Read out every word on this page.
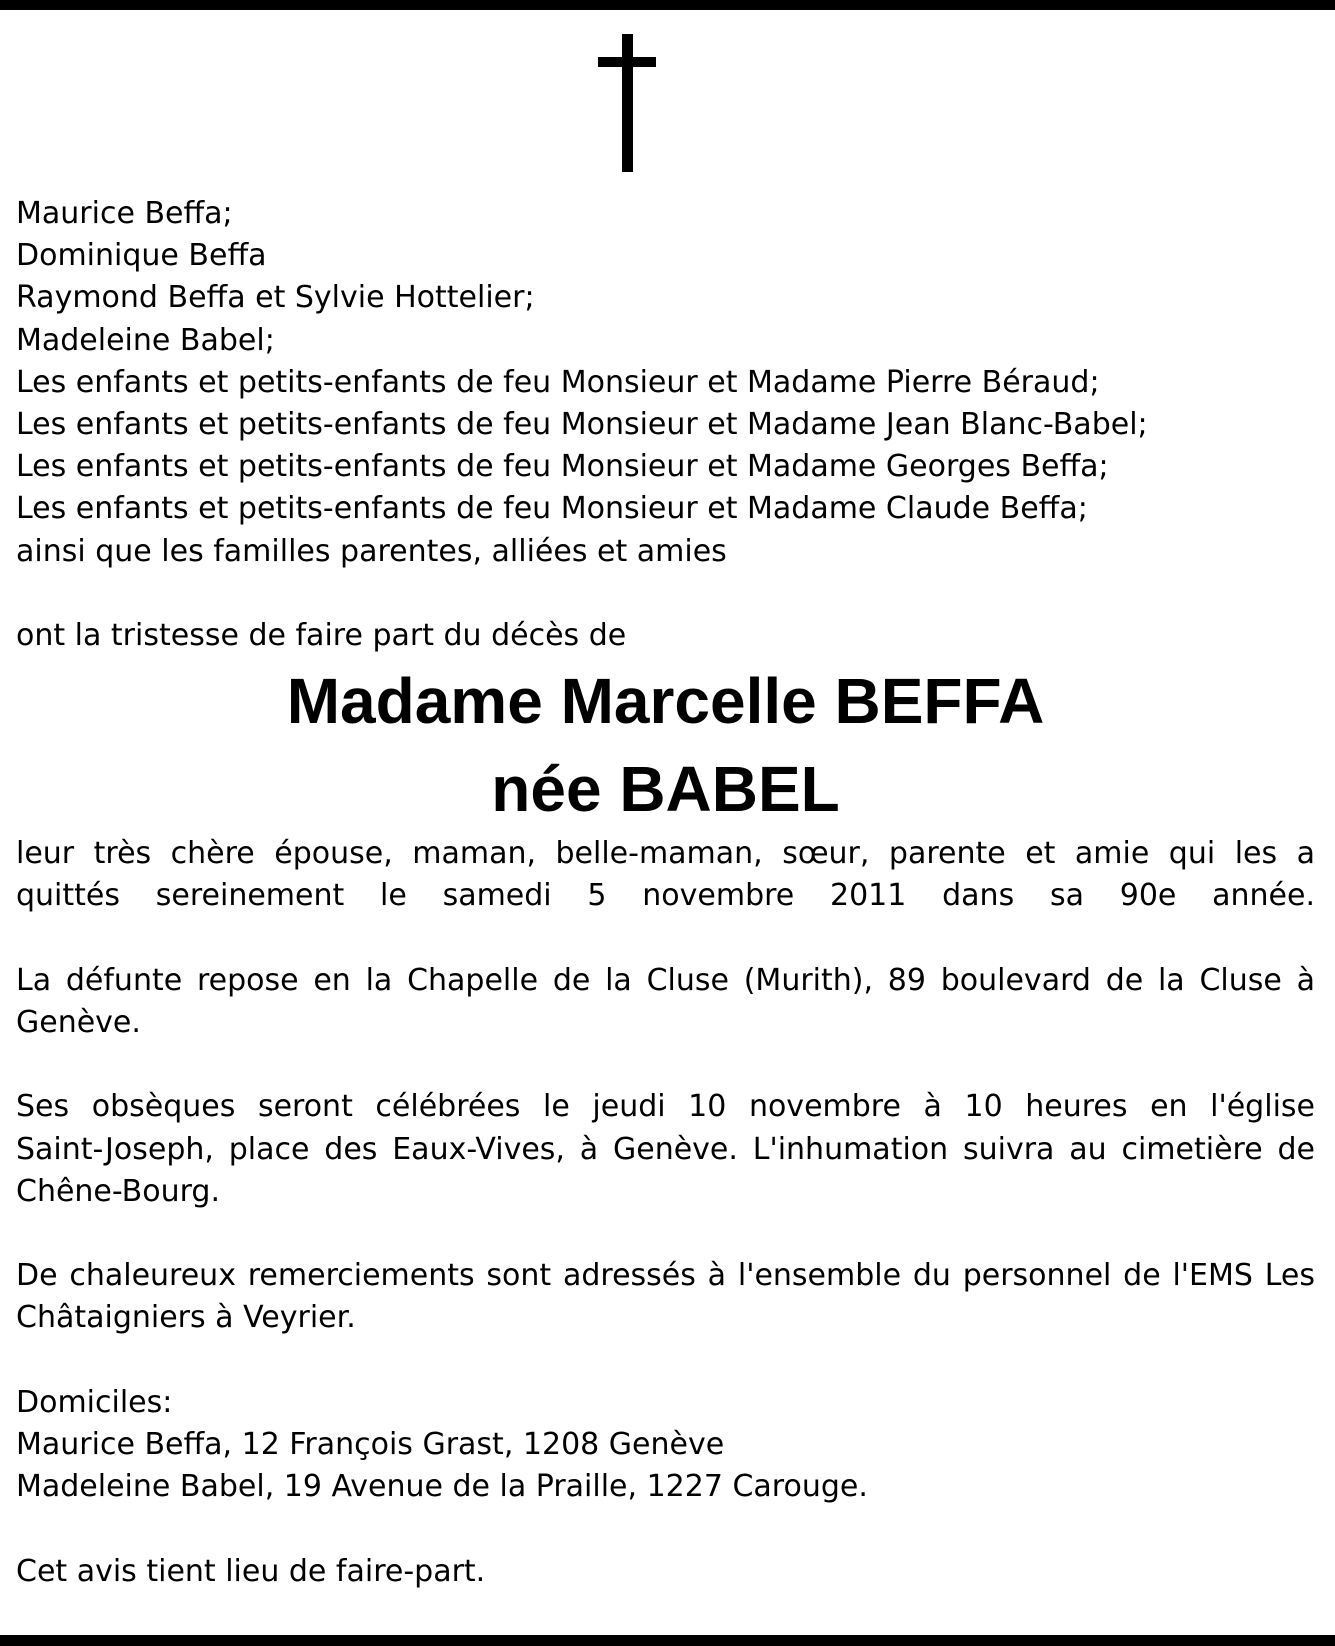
Maurice Beffa;

Dominique Beffa

Raymond Beffa et Sylvie Hottelier;

Madeleine Babel;

Les enfants et petits-enfants de feu Monsieur et Madame Pierre Béraud;

Les enfants et petits-enfants de feu Monsieur et Madame Jean Blanc-Babel;

Les enfants et petits-enfants de feu Monsieur et Madame Georges Beffa;

Les enfants et petits-enfants de feu Monsieur et Madame Claude Beffa;

ainsi que les familles parentes, alliées et amies

ont la tristesse de faire part du décès de

Madame Marcelle BEFFA
née BABEL

leur très chère épouse, maman, belle-maman, sœur, parente et amie qui les a

quittés sereinement le samedi 5 novembre 2011 dans sa 90e année.

La défunte repose en la Chapelle de la Cluse (Murith), 89 boulevard de la Cluse à

Genève.

Ses obsèques seront célébrées le jeudi 10 novembre à 10 heures en l'église

Saint-Joseph, place des Eaux-Vives, à Genève. L'inhumation suivra au cimetière de

Chêne-Bourg.

De chaleureux remerciements sont adressés à l'ensemble du personnel de l'EMS Les

Châtaigniers à Veyrier.

Domiciles:

Maurice Beffa, 12 François Grast, 1208 Genève

Madeleine Babel, 19 Avenue de la Praille, 1227 Carouge.

Cet avis tient lieu de faire-part.
